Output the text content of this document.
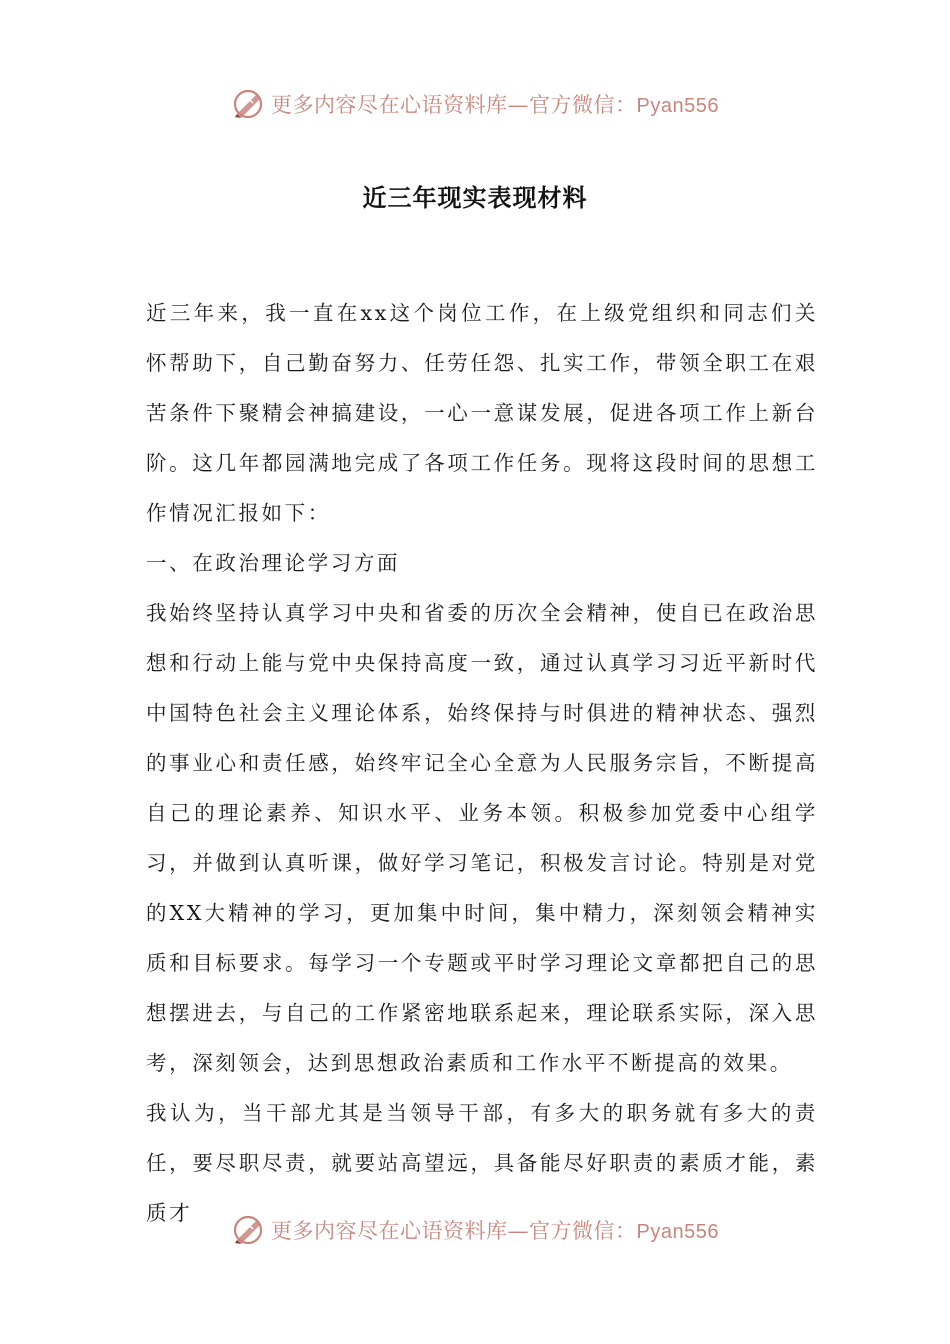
更多内容尽在心语资料库—官方微信：Pyan556
近三年现实表现材料

近三年来，我一直在xx这个岗位工作，在上级党组织和同志们关怀帮助下，自己勤奋努力、任劳任怨、扎实工作，带领全职工在艰苦条件下聚精会神搞建设，一心一意谋发展，促进各项工作上新台阶。这几年都园满地完成了各项工作任务。现将这段时间的思想工作情况汇报如下：

一、在政治理论学习方面

我始终坚持认真学习中央和省委的历次全会精神，使自已在政治思想和行动上能与党中央保持高度一致，通过认真学习习近平新时代中国特色社会主义理论体系，始终保持与时俱进的精神状态、强烈的事业心和责任感，始终牢记全心全意为人民服务宗旨，不断提高自己的理论素养、知识水平、业务本领。积极参加党委中心组学习，并做到认真听课，做好学习笔记，积极发言讨论。特别是对党的XX大精神的学习，更加集中时间，集中精力，深刻领会精神实质和目标要求。每学习一个专题或平时学习理论文章都把自己的思想摆进去，与自己的工作紧密地联系起来，理论联系实际，深入思考，深刻领会，达到思想政治素质和工作水平不断提高的效果。

我认为，当干部尤其是当领导干部，有多大的职务就有多大的责任，要尽职尽责，就要站高望远，具备能尽好职责的素质才能，素质才

更多内容尽在心语资料库—官方微信：Pyan556
